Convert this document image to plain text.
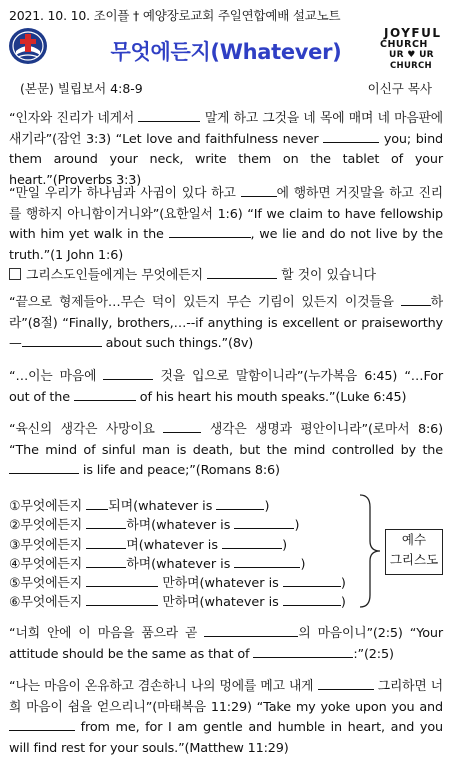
2021. 10. 10. 조이플 † 예양장로교회 주일연합예배 설교노트
무엇에든지(Whatever)
JOYFUL
CHURCH
UR ♥ UR
CHURCH
(본문) 빌립보서 4:8-9	이신구 목사
“인자와 진리가 네게서	말게 하고 그것을 네 목에 매며 네 마음판에 새기라”(잠언 3:3) “Let love and faithfulness never	you; bind them around your neck, write them on the tablet of your heart.”(Proverbs 3:3)
“만일 우리가 하나님과 사귐이 있다 하고	에 행하면 거짓말을 하고 진리를 행하지 아니함이거니와”(요한일서 1:6) “If we claim to have fellowship with him yet walk in the	, we lie and do not live by the truth.”(1 John 1:6)
그리스도인들에게는 무엇에든지	할 것이 있습니다
“끝으로 형제들아…무슨 덕이 있든지 무슨 기림이 있든지 이것들을 하라”(8절) “Finally, brothers,…--if anything is excellent or praiseworthy—	about such things.”(8v)
“…이는 마음에	것을 입으로 말함이니라”(누가복음 6:45) “…For out of the	of his heart his mouth speaks.”(Luke 6:45)
“육신의 생각은 사망이요	생각은 생명과 평안이니라”(로마서 8:6) “The mind of sinful man is death, but the mind controlled by the  is life and peace;”(Romans 8:6)
①무엇에든지 되며(whatever is	)
②무엇에든지	하며(whatever is	)
③무엇에든지	며(whatever is	)
④무엇에든지	하며(whatever is	)
⑤무엇에든지	만하며(whatever is	)
⑥무엇에든지	만하며(whatever is	)
예수
그리스도
“너희 안에 이 마음을 품으라 곧	의 마음이니”(2:5) “Your attitude should be the same as that of	:”(2:5)
“나는 마음이 온유하고 겸손하니 나의 멍에를 메고 내게	그리하면 너희 마음이 쉼을 얻으리니”(마태복음 11:29) “Take my yoke upon you and  from me, for I am gentle and humble in heart, and you will find rest for your souls.”(Matthew 11:29)
